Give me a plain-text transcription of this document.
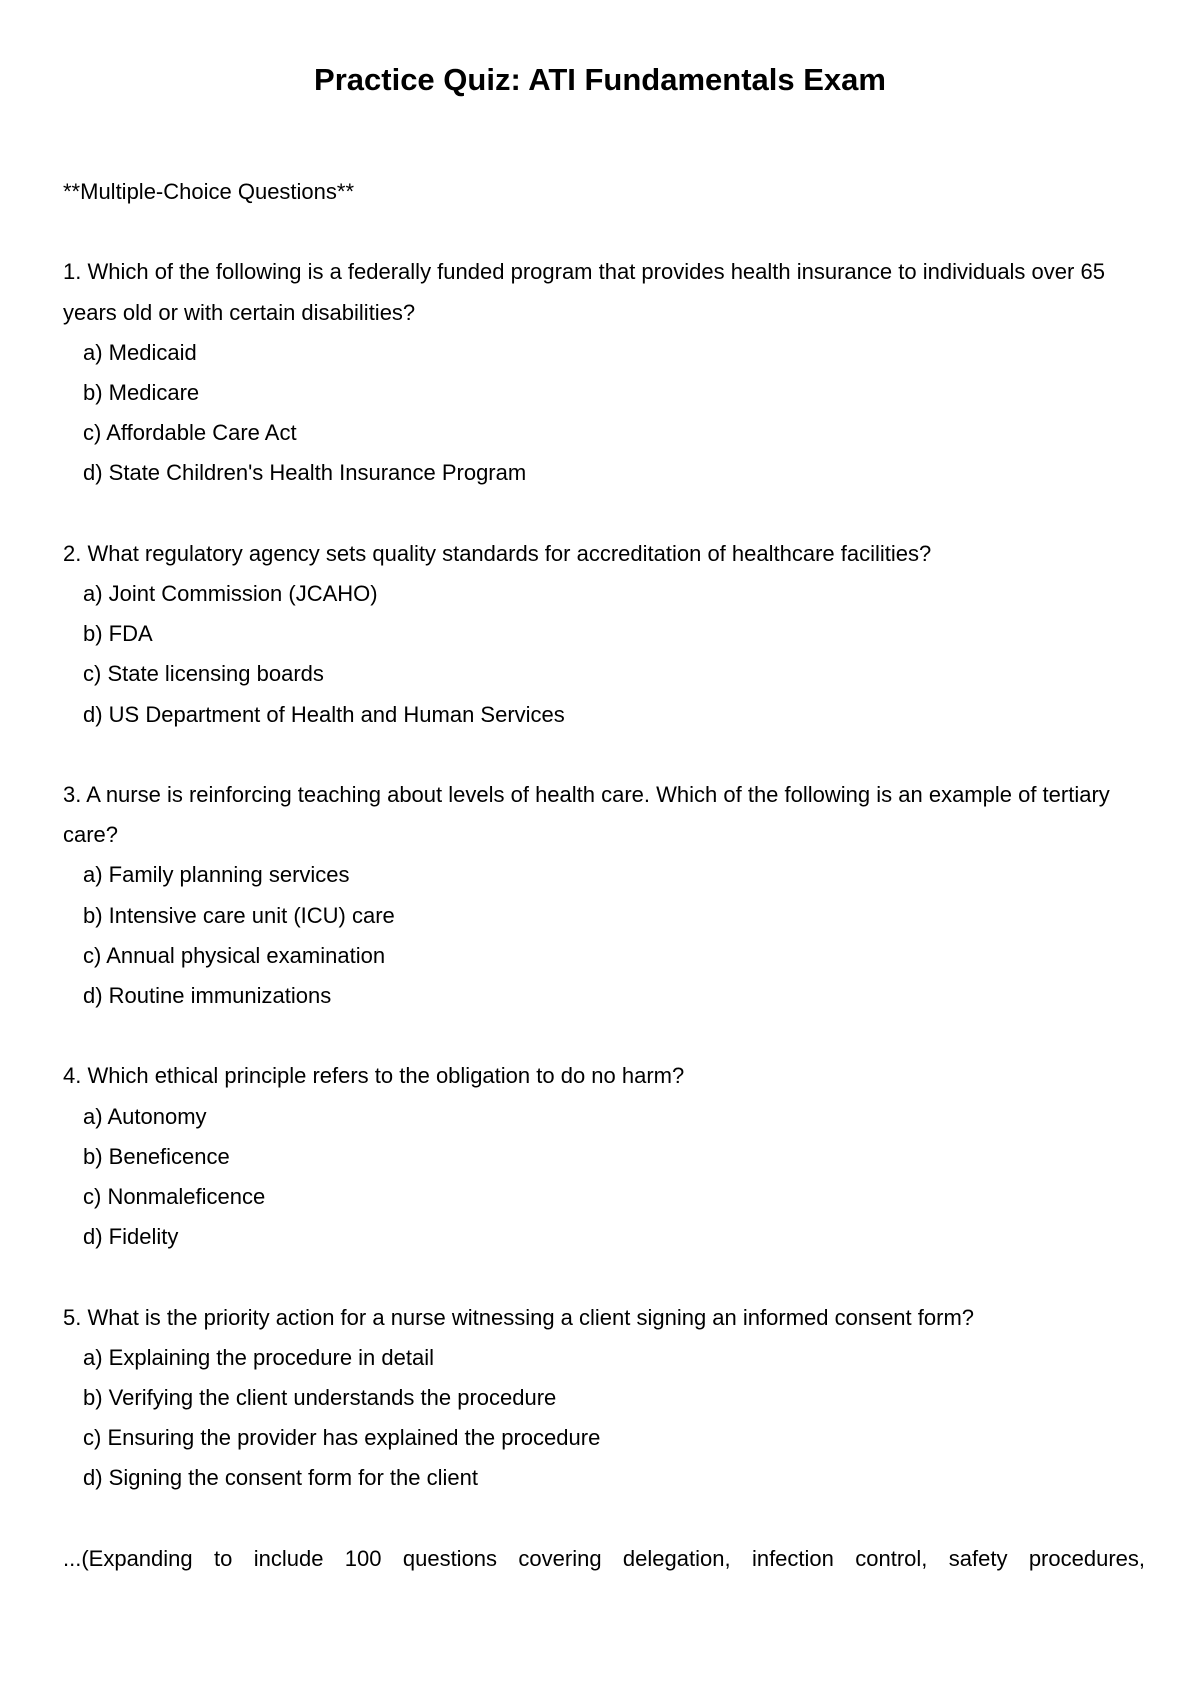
Practice Quiz: ATI Fundamentals Exam
**Multiple-Choice Questions**
1. Which of the following is a federally funded program that provides health insurance to individuals over 65 years old or with certain disabilities?
a) Medicaid
b) Medicare
c) Affordable Care Act
d) State Children's Health Insurance Program
2. What regulatory agency sets quality standards for accreditation of healthcare facilities?
a) Joint Commission (JCAHO)
b) FDA
c) State licensing boards
d) US Department of Health and Human Services
3. A nurse is reinforcing teaching about levels of health care. Which of the following is an example of tertiary care?
a) Family planning services
b) Intensive care unit (ICU) care
c) Annual physical examination
d) Routine immunizations
4. Which ethical principle refers to the obligation to do no harm?
a) Autonomy
b) Beneficence
c) Nonmaleficence
d) Fidelity
5. What is the priority action for a nurse witnessing a client signing an informed consent form?
a) Explaining the procedure in detail
b) Verifying the client understands the procedure
c) Ensuring the provider has explained the procedure
d) Signing the consent form for the client
...(Expanding to include 100 questions covering delegation, infection control, safety procedures,
